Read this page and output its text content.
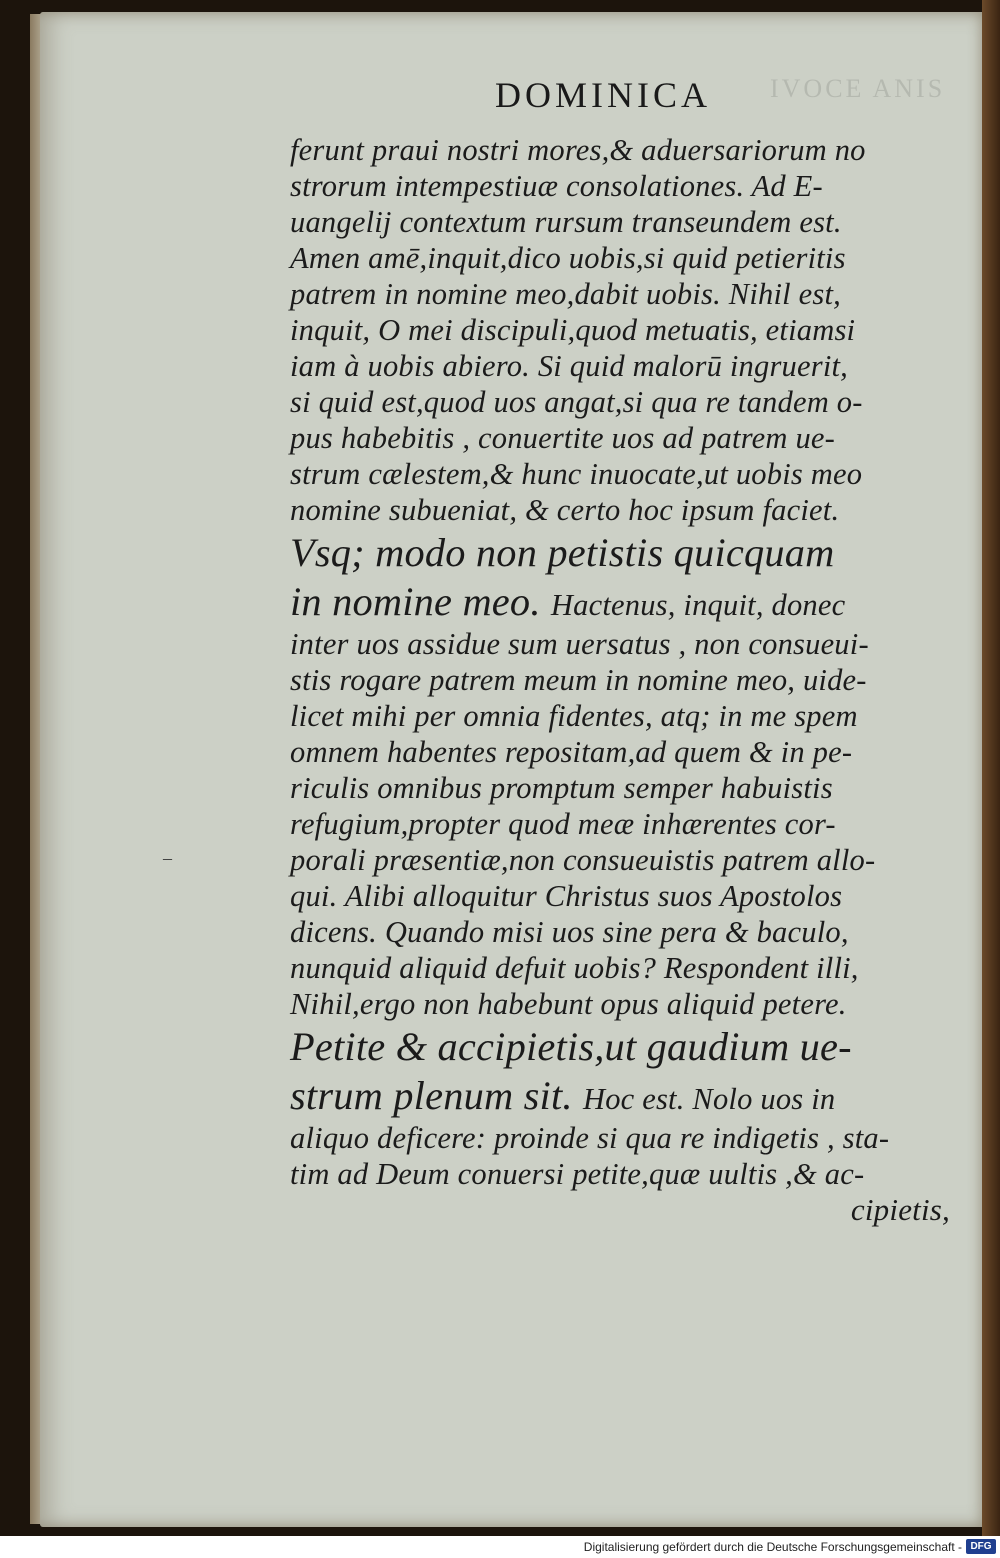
IVOCE ANIS
DOMINICA
ferunt praui nostri mores,& aduersariorum no
strorum intempestiuæ consolationes. Ad E-
uangelij contextum rursum transeundem est.
Amen amē,inquit,dico uobis,si quid petieritis
patrem in nomine meo,dabit uobis. Nihil est,
inquit, O mei discipuli,quod metuatis, etiamsi
iam à uobis abiero. Si quid malorū ingruerit,
si quid est,quod uos angat,si qua re tandem o-
pus habebitis , conuertite uos ad patrem ue-
strum cælestem,& hunc inuocate,ut uobis meo
nomine subueniat, & certo hoc ipsum faciet.
Vsq; modo non petistis quicquam
in nomine meo. Hactenus, inquit, donec
inter uos assidue sum uersatus , non consueui-
stis rogare patrem meum in nomine meo, uide-
licet mihi per omnia fidentes, atq; in me spem
omnem habentes repositam,ad quem & in pe-
riculis omnibus promptum semper habuistis
refugium,propter quod meæ inhærentes cor-
porali præsentiæ,non consueuistis patrem allo-
qui. Alibi alloquitur Christus suos Apostolos
dicens. Quando misi uos sine pera & baculo,
nunquid aliquid defuit uobis? Respondent illi,
Nihil,ergo non habebunt opus aliquid petere.
Petite & accipietis,ut gaudium ue-
strum plenum sit. Hoc est. Nolo uos in
aliquo deficere: proinde si qua re indigetis , sta-
tim ad Deum conuersi petite,quæ uultis ,& ac-
cipietis,
–
Digitalisierung gefördert durch die Deutsche Forschungsgemeinschaft - DFG
